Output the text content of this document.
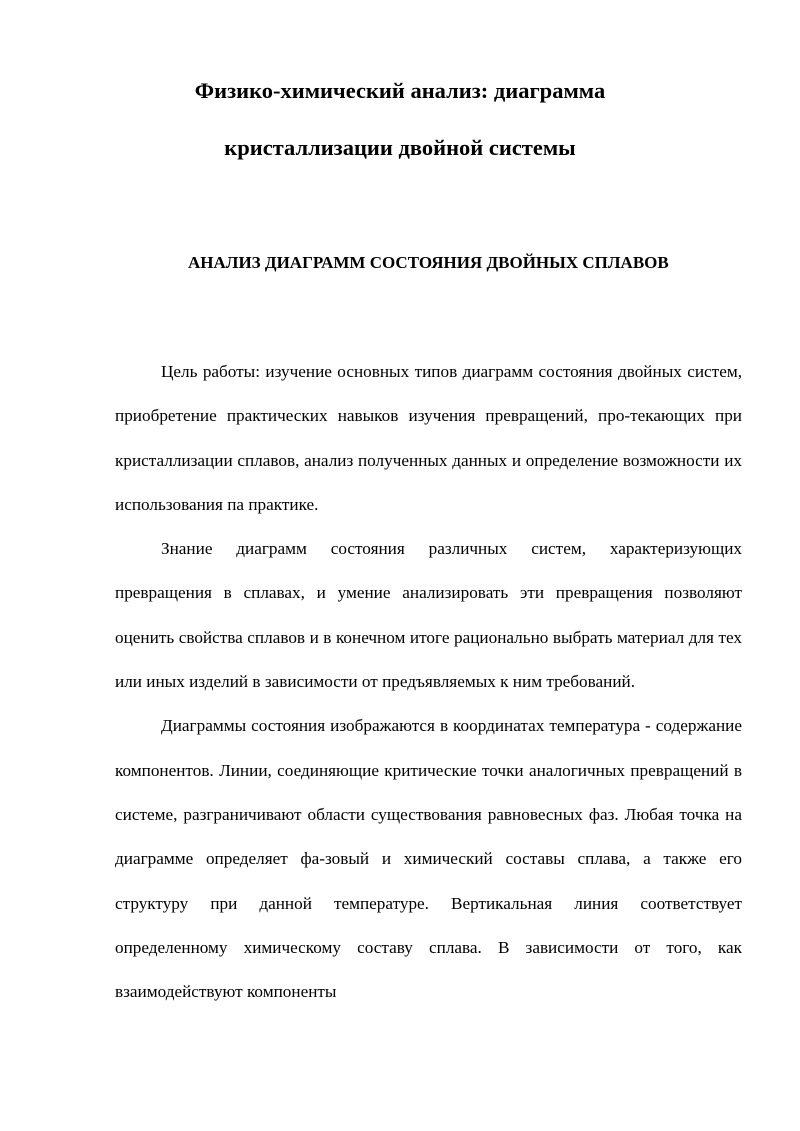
Физико-химический анализ: диаграмма
кристаллизации двойной системы
АНАЛИЗ ДИАГРАММ СОСТОЯНИЯ ДВОЙНЫХ СПЛАВОВ

Цель работы: изучение основных типов диаграмм состояния двойных систем, приобретение практических навыков изучения превращений, про-текающих при кристаллизации сплавов, анализ полученных данных и определение возможности их использования па практике.

Знание диаграмм состояния различных систем, характеризующих превращения в сплавах, и умение анализировать эти превращения позволяют оценить свойства сплавов и в конечном итоге рационально выбрать материал для тех или иных изделий в зависимости от предъявляемых к ним требований.

Диаграммы состояния изображаются в координатах температура - содержание компонентов. Линии, соединяющие критические точки аналогичных превращений в системе, разграничивают области существования равновесных фаз. Любая точка на диаграмме определяет фа-зовый и химический составы сплава, а также его структуру при данной температуре. Вертикальная линия соответствует определенному химическому составу сплава. В зависимости от того, как взаимодействуют компоненты
